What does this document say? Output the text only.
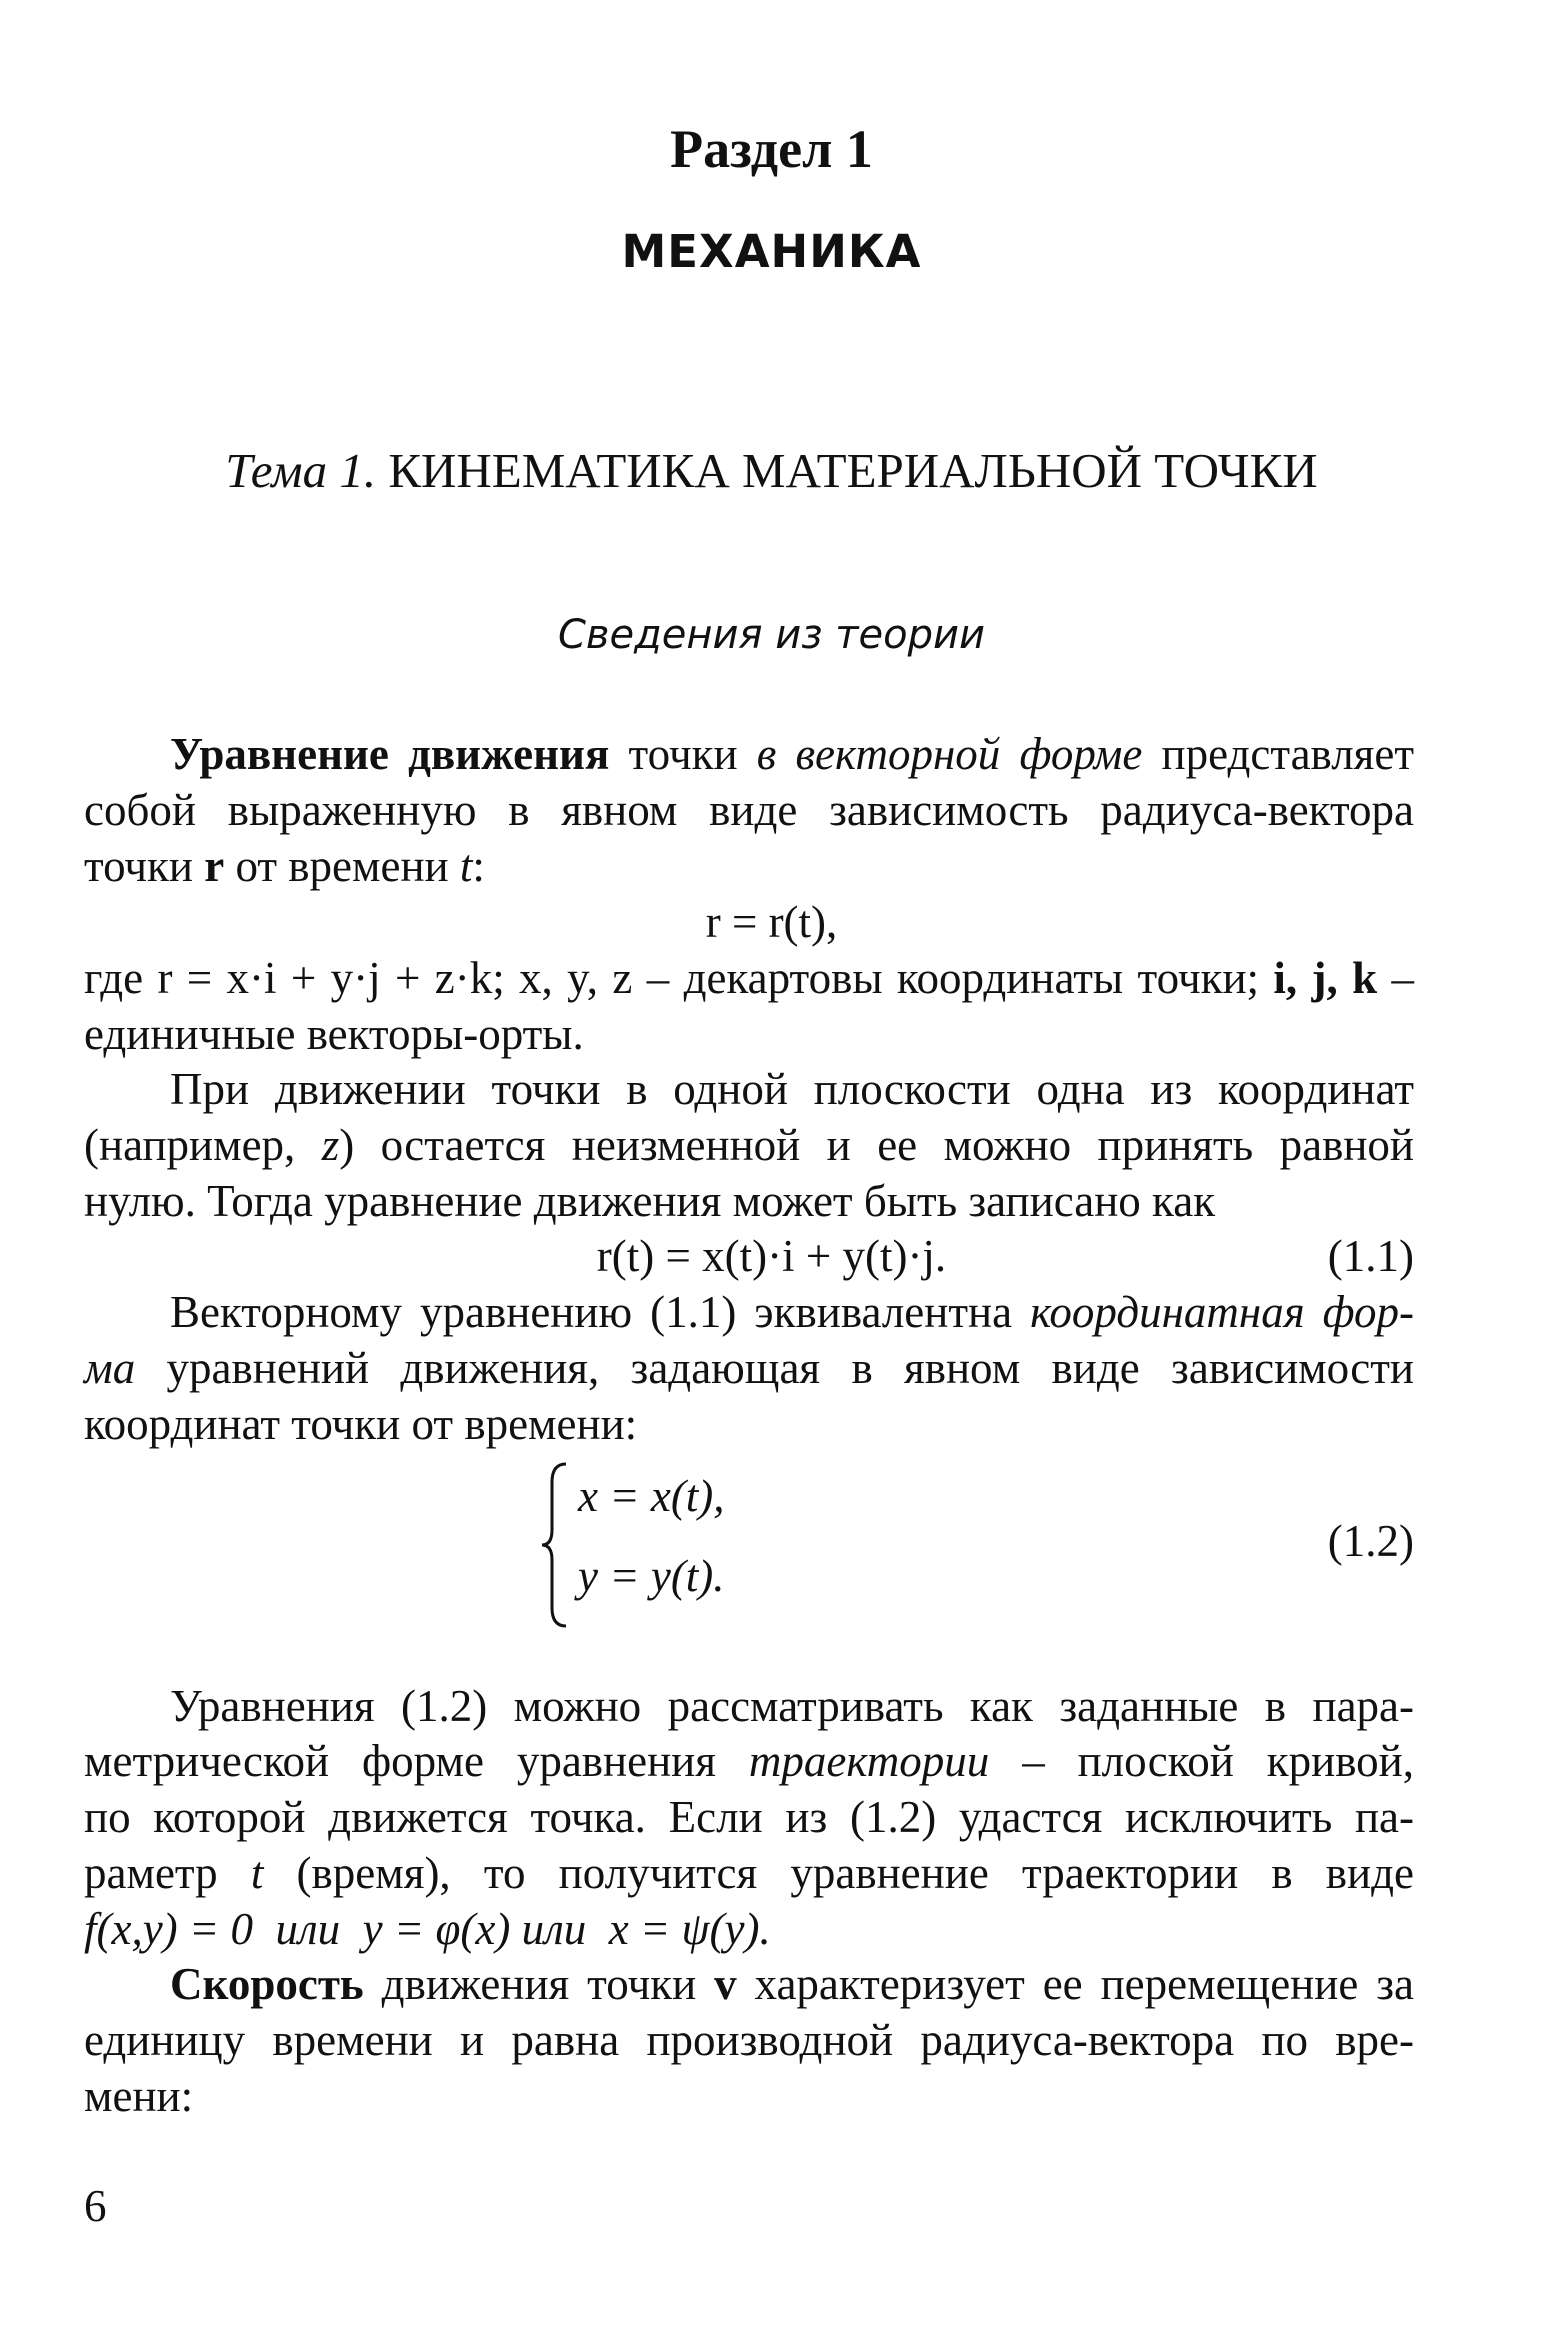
Раздел 1
МЕХАНИКА
Тема 1. КИНЕМАТИКА МАТЕРИАЛЬНОЙ ТОЧКИ
Сведения из теории
Уравнение движения точки в векторной форме представляет
собой выраженную в явном виде зависимость радиуса-вектора
точки r от времени t:
r = r(t),
где r = x·i + y·j + z·k; x, y, z – декартовы координаты точки; i, j, k –
единичные векторы-орты.
При движении точки в одной плоскости одна из координат
(например, z) остается неизменной и ее можно принять равной
нулю. Тогда уравнение движения может быть записано как
r(t) = x(t)·i + y(t)·j.	(1.1)
Векторному уравнению (1.1) эквивалентна координатная фор-
ма уравнений движения, задающая в явном виде зависимости
координат точки от времени:
x = x(t),
y = y(t).
(1.2)
Уравнения (1.2) можно рассматривать как заданные в пара-
метрической форме уравнения траектории – плоской кривой,
по которой движется точка. Если из (1.2) удастся исключить па-
раметр t (время), то получится уравнение траектории в виде
f(x,y) = 0  или  y = φ(x) или  x = ψ(y).
Скорость движения точки v характеризует ее перемещение за
единицу времени и равна производной радиуса-вектора по вре-
мени:
6
